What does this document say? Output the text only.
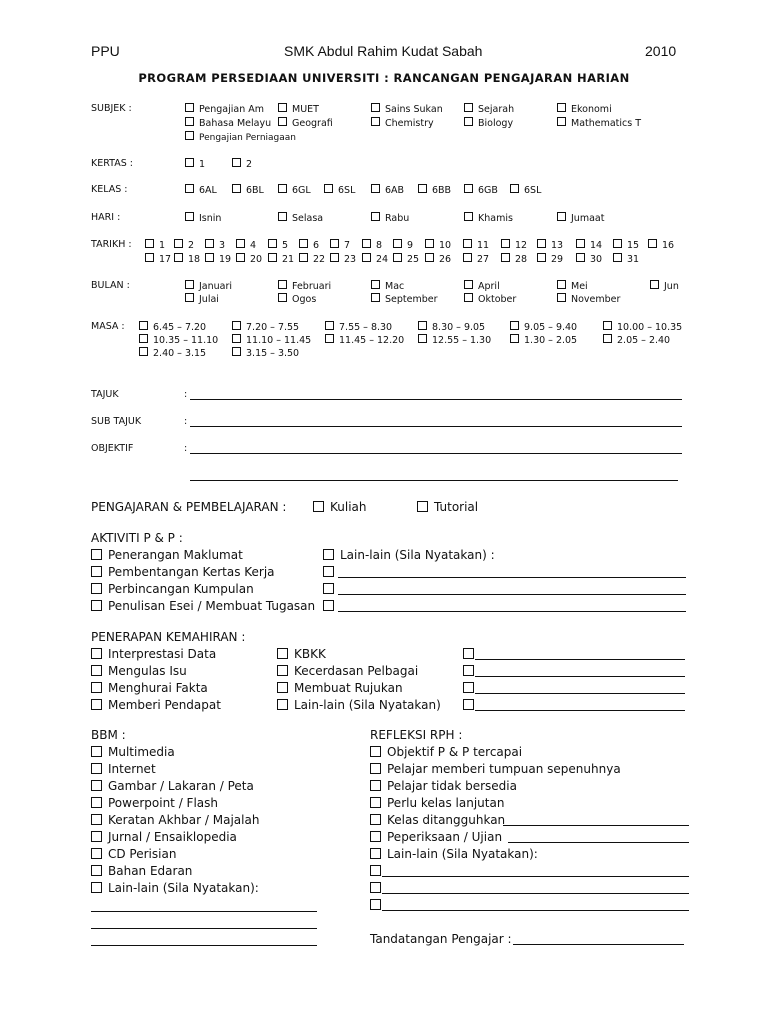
PPU	SMK Abdul Rahim Kudat Sabah	2010
PROGRAM PERSEDIAAN UNIVERSITI : RANCANGAN PENGAJARAN HARIAN
SUBJEK :	Pengajian Am	MUET	Sains Sukan	Sejarah	Ekonomi
Bahasa Melayu	Geografi	Chemistry	Biology	Mathematics T
Pengajian Perniagaan
KERTAS :	1	2
KELAS :	6AL	6BL	6GL	6SL	6AB	6BB	6GB	6SL
HARI :	Isnin	Selasa	Rabu	Khamis	Jumaat
TARIKH :	1	2	3	4	5	6	7	8	9	10	11	12	13	14	15	16
17	18	19	20	21	22	23	24	25	26	27	28	29	30	31
BULAN :	Januari	Februari	Mac	April	Mei	Jun
Julai	Ogos	September	Oktober	November
MASA :	6.45 – 7.20	7.20 – 7.55	7.55 – 8.30	8.30 – 9.05	9.05 – 9.40	10.00 – 10.35
10.35 – 11.10	11.10 – 11.45	11.45 – 12.20	12.55 – 1.30	1.30 – 2.05	2.05 – 2.40
2.40 – 3.15	3.15 – 3.50
TAJUK	:
SUB TAJUK	:
OBJEKTIF	:
PENGAJARAN & PEMBELAJARAN :	Kuliah	Tutorial
AKTIVITI P & P :
Penerangan Maklumat
Pembentangan Kertas Kerja
Perbincangan Kumpulan
Penulisan Esei / Membuat Tugasan
Lain-lain (Sila Nyatakan) :
PENERAPAN KEMAHIRAN :
Interprestasi Data
Mengulas Isu
Menghurai Fakta
Memberi Pendapat
KBKK
Kecerdasan Pelbagai
Membuat Rujukan
Lain-lain (Sila Nyatakan)
BBM :
Multimedia
Internet
Gambar / Lakaran / Peta
Powerpoint / Flash
Keratan Akhbar / Majalah
Jurnal / Ensaiklopedia
CD Perisian
Bahan Edaran
Lain-lain (Sila Nyatakan):
REFLEKSI RPH :
Objektif P & P tercapai
Pelajar memberi tumpuan sepenuhnya
Pelajar tidak bersedia
Perlu kelas lanjutan
Kelas ditangguhkan
Peperiksaan / Ujian
Lain-lain (Sila Nyatakan):
Tandatangan Pengajar :
